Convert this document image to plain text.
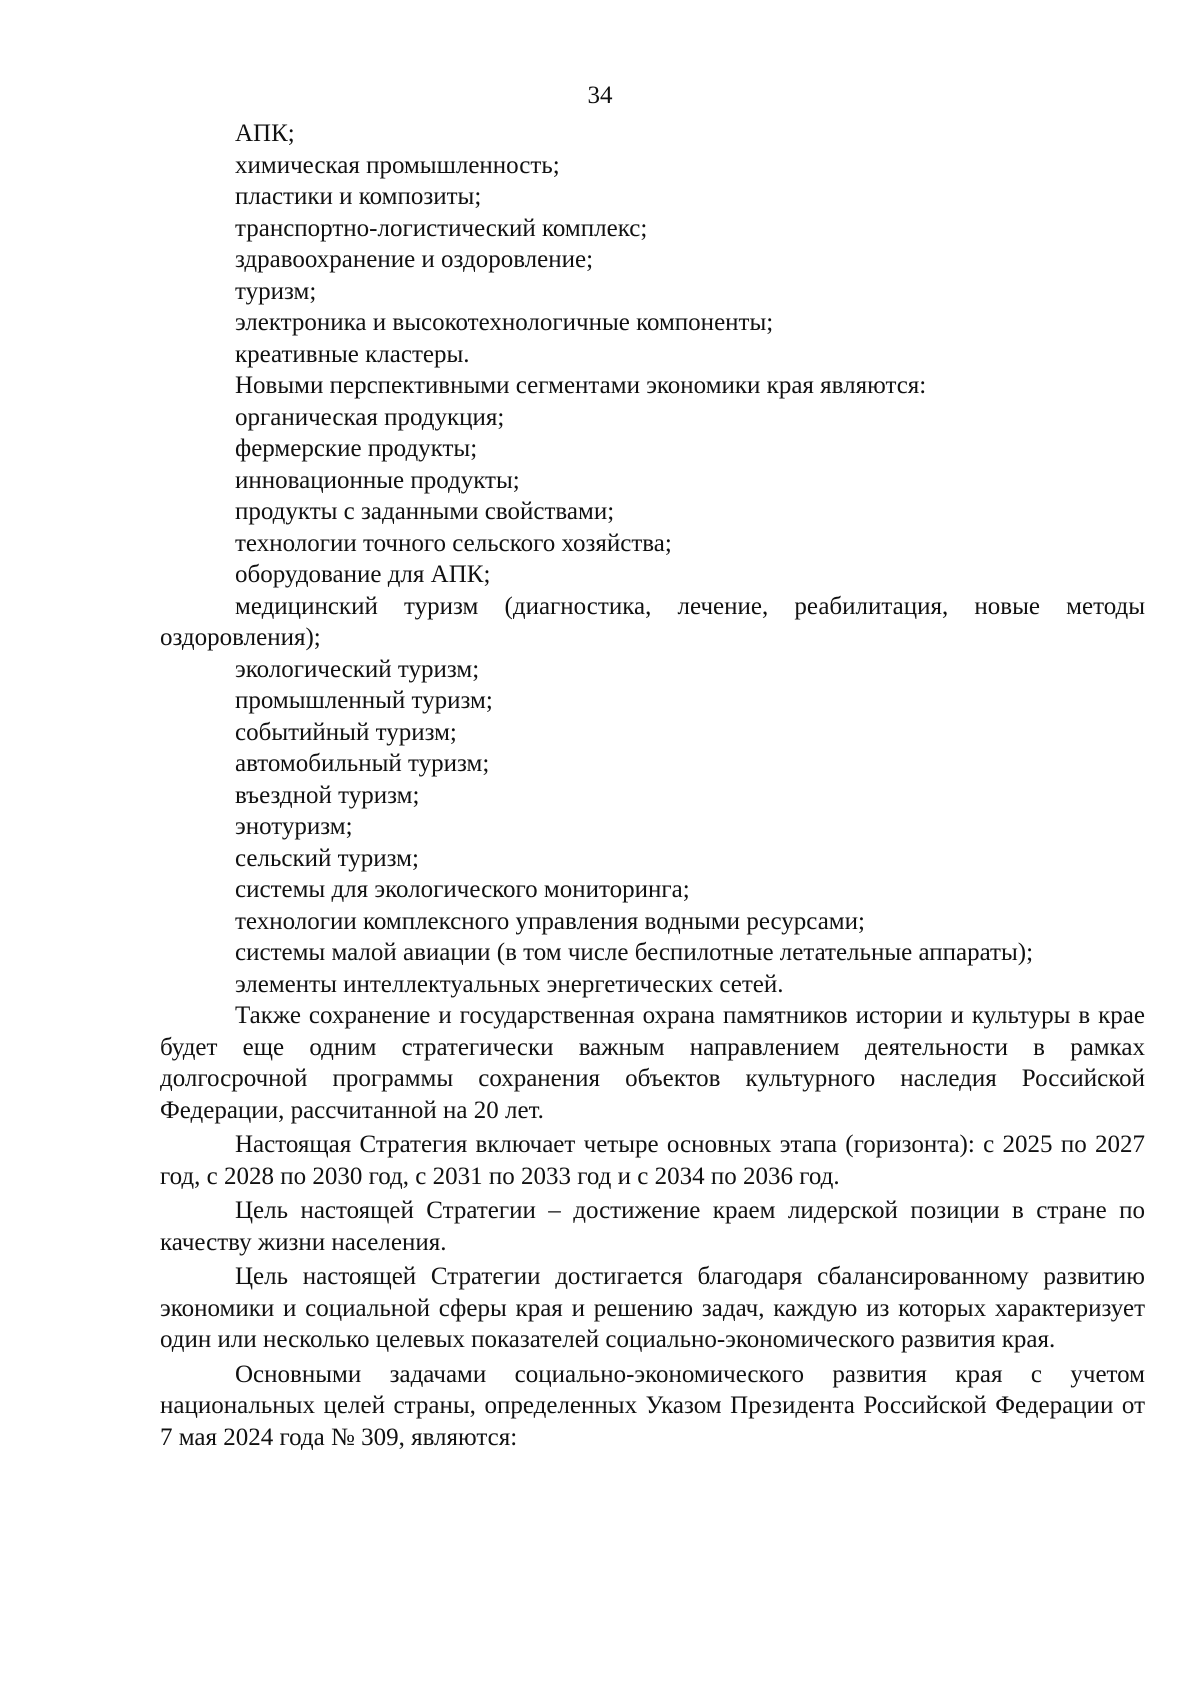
34
АПК;
химическая промышленность;
пластики и композиты;
транспортно-логистический комплекс;
здравоохранение и оздоровление;
туризм;
электроника и высокотехнологичные компоненты;
креативные кластеры.
Новыми перспективными сегментами экономики края являются:
органическая продукция;
фермерские продукты;
инновационные продукты;
продукты с заданными свойствами;
технологии точного сельского хозяйства;
оборудование для АПК;

медицинский туризм (диагностика, лечение, реабилитация, новые методы оздоровления);

экологический туризм;
промышленный туризм;
событийный туризм;
автомобильный туризм;
въездной туризм;
энотуризм;
сельский туризм;
системы для экологического мониторинга;
технологии комплексного управления водными ресурсами;

системы малой авиации (в том числе беспилотные летательные аппараты);

элементы интеллектуальных энергетических сетей.

Также сохранение и государственная охрана памятников истории и культуры в крае будет еще одним стратегически важным направлением деятельности в рамках долгосрочной программы сохранения объектов культурного наследия Российской Федерации, рассчитанной на 20 лет.

Настоящая Стратегия включает четыре основных этапа (горизонта): с 2025 по 2027 год, с 2028 по 2030 год, с 2031 по 2033 год и с 2034 по 2036 год.

Цель настоящей Стратегии – достижение краем лидерской позиции в стране по качеству жизни населения.

Цель настоящей Стратегии достигается благодаря сбалансированному развитию экономики и социальной сферы края и решению задач, каждую из которых характеризует один или несколько целевых показателей социально-экономического развития края.

Основными задачами социально-экономического развития края с учетом национальных целей страны, определенных Указом Президента Российской Федерации от 7 мая 2024 года № 309, являются:
